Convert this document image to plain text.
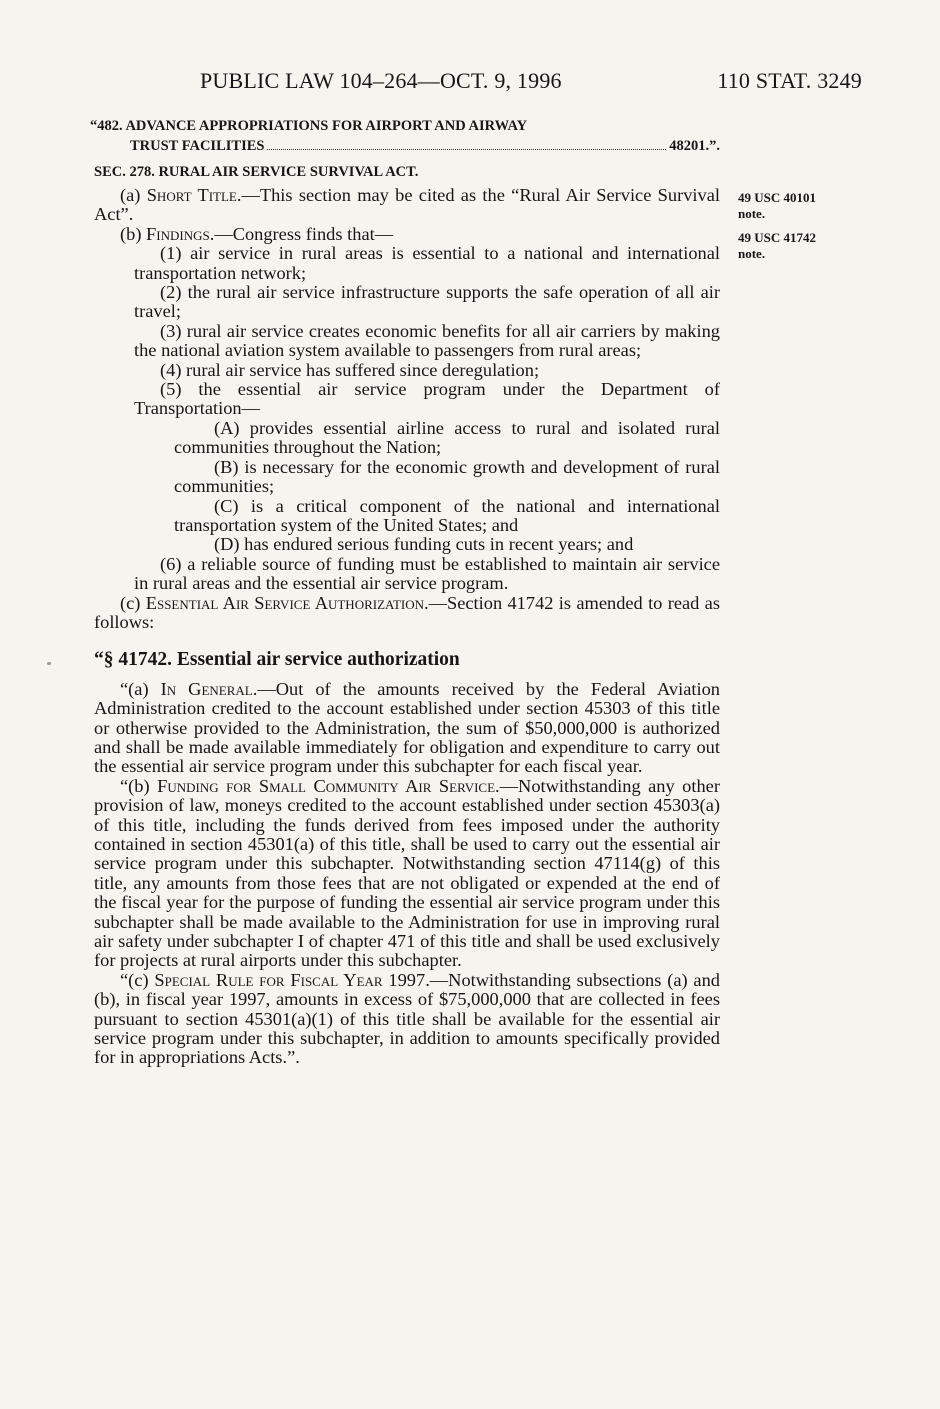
PUBLIC LAW 104–264—OCT. 9, 1996	110 STAT. 3249
“482. ADVANCE APPROPRIATIONS FOR AIRPORT AND AIRWAY
TRUST FACILITIES	48201.”.
SEC. 278. RURAL AIR SERVICE SURVIVAL ACT.
49 USC 40101
note.
49 USC 41742
note.

(a) Short Title.—This section may be cited as the “Rural Air Service Survival Act”.

(b) Findings.—Congress finds that—

(1) air service in rural areas is essential to a national and international transportation network;

(2) the rural air service infrastructure supports the safe operation of all air travel;

(3) rural air service creates economic benefits for all air carriers by making the national aviation system available to passengers from rural areas;

(4) rural air service has suffered since deregulation;

(5) the essential air service program under the Department of Transportation—

(A) provides essential airline access to rural and isolated rural communities throughout the Nation;

(B) is necessary for the economic growth and development of rural communities;

(C) is a critical component of the national and international transportation system of the United States; and

(D) has endured serious funding cuts in recent years; and

(6) a reliable source of funding must be established to maintain air service in rural areas and the essential air service program.

(c) Essential Air Service Authorization.—Section 41742 is amended to read as follows:

“§ 41742. Essential air service authorization

“(a) In General.—Out of the amounts received by the Federal Aviation Administration credited to the account established under section 45303 of this title or otherwise provided to the Administration, the sum of $50,000,000 is authorized and shall be made available immediately for obligation and expenditure to carry out the essential air service program under this subchapter for each fiscal year.

“(b) Funding for Small Community Air Service.—Notwithstanding any other provision of law, moneys credited to the account established under section 45303(a) of this title, including the funds derived from fees imposed under the authority contained in section 45301(a) of this title, shall be used to carry out the essential air service program under this subchapter. Notwithstanding section 47114(g) of this title, any amounts from those fees that are not obligated or expended at the end of the fiscal year for the purpose of funding the essential air service program under this subchapter shall be made available to the Administration for use in improving rural air safety under subchapter I of chapter 471 of this title and shall be used exclusively for projects at rural airports under this subchapter.

“(c) Special Rule for Fiscal Year 1997.—Notwithstanding subsections (a) and (b), in fiscal year 1997, amounts in excess of $75,000,000 that are collected in fees pursuant to section 45301(a)(1) of this title shall be available for the essential air service program under this subchapter, in addition to amounts specifically provided for in appropriations Acts.”.
